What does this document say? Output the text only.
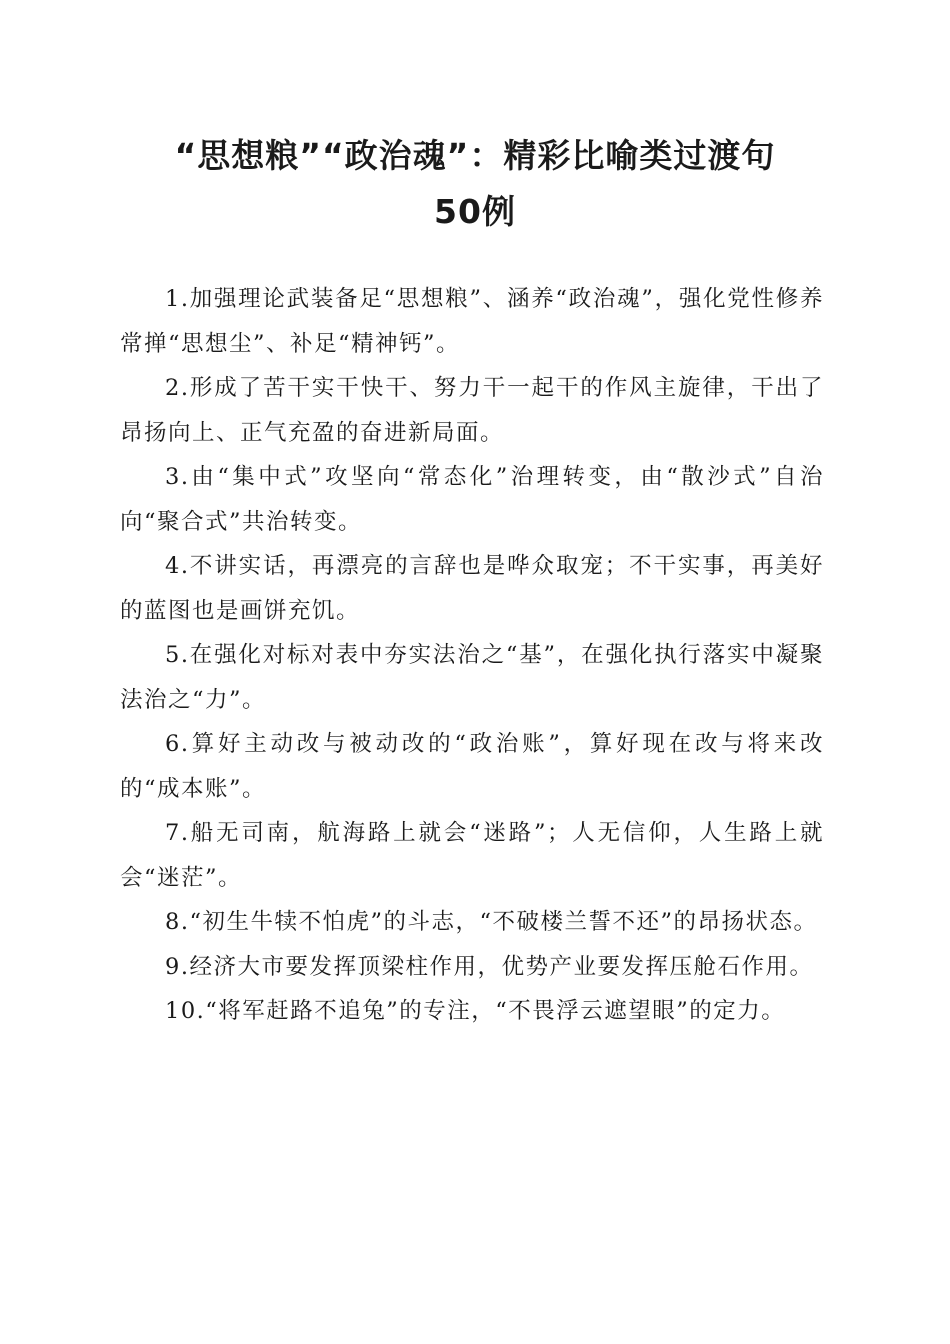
“思想粮”“政治魂”：精彩比喻类过渡句
50例

1.加强理论武装备足“思想粮”、涵养“政治魂”，强化党性修养常掸“思想尘”、补足“精神钙”。

2.形成了苦干实干快干、努力干一起干的作风主旋律，干出了昂扬向上、正气充盈的奋进新局面。

3.由“集中式”攻坚向“常态化”治理转变，由“散沙式”自治向“聚合式”共治转变。

4.不讲实话，再漂亮的言辞也是哗众取宠；不干实事，再美好的蓝图也是画饼充饥。

5.在强化对标对表中夯实法治之“基”，在强化执行落实中凝聚法治之“力”。

6.算好主动改与被动改的“政治账”，算好现在改与将来改的“成本账”。

7.船无司南，航海路上就会“迷路”；人无信仰，人生路上就会“迷茫”。

8.“初生牛犊不怕虎”的斗志，“不破楼兰誓不还”的昂扬状态。

9.经济大市要发挥顶梁柱作用，优势产业要发挥压舱石作用。

10.“将军赶路不追兔”的专注，“不畏浮云遮望眼”的定力。
